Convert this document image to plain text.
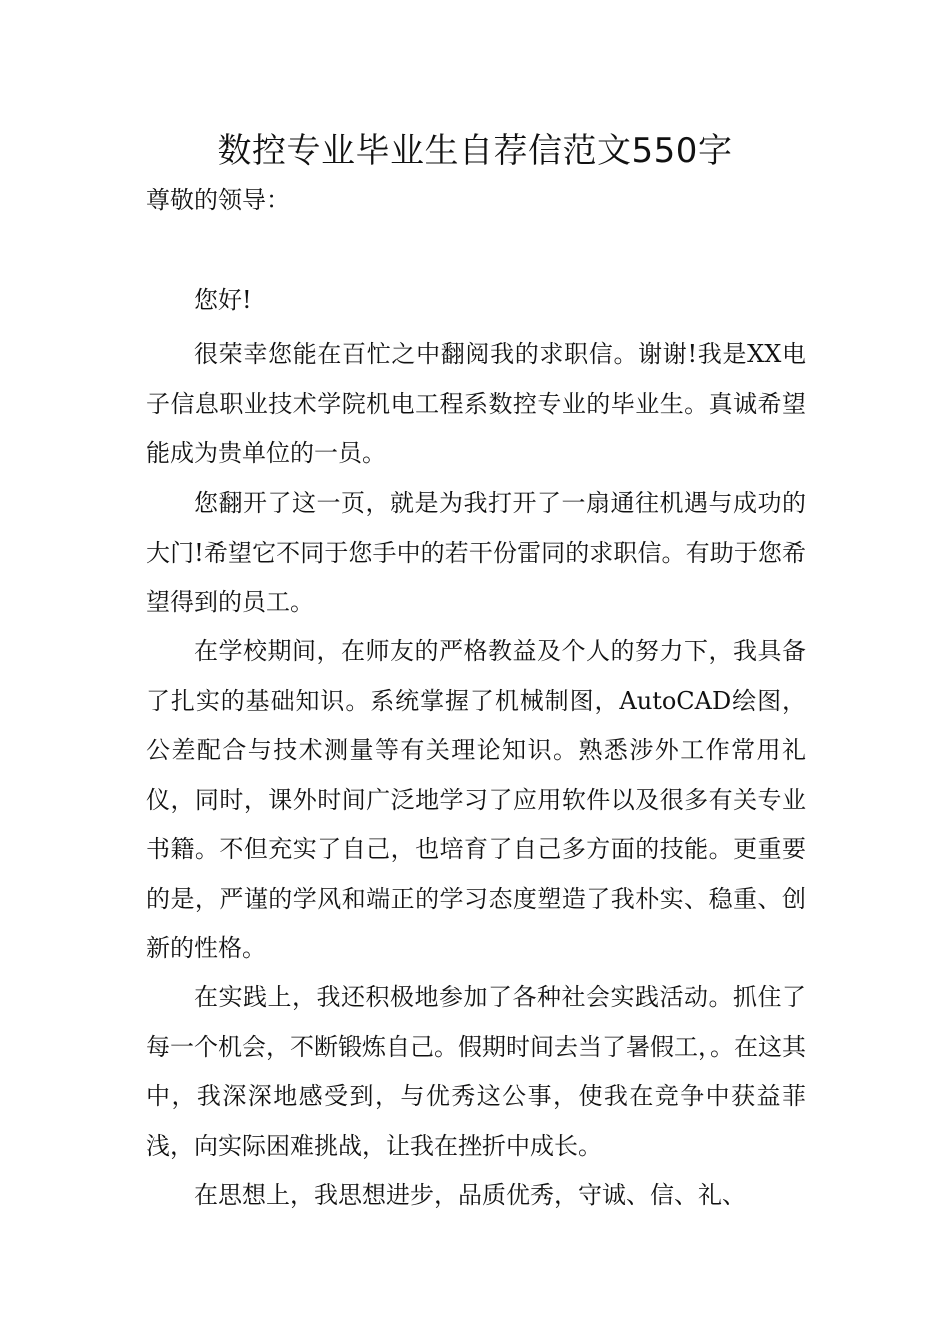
数控专业毕业生自荐信范文550字

尊敬的领导：

您好!

很荣幸您能在百忙之中翻阅我的求职信。谢谢!我是XX电子信息职业技术学院机电工程系数控专业的毕业生。真诚希望能成为贵单位的一员。

您翻开了这一页，就是为我打开了一扇通往机遇与成功的大门!希望它不同于您手中的若干份雷同的求职信。有助于您希望得到的员工。

在学校期间，在师友的严格教益及个人的努力下，我具备了扎实的基础知识。系统掌握了机械制图，AutoCAD绘图，公差配合与技术测量等有关理论知识。熟悉涉外工作常用礼仪，同时，课外时间广泛地学习了应用软件以及很多有关专业书籍。不但充实了自己，也培育了自己多方面的技能。更重要的是，严谨的学风和端正的学习态度塑造了我朴实、稳重、创新的性格。

在实践上，我还积极地参加了各种社会实践活动。抓住了每一个机会，不断锻炼自己。假期时间去当了暑假工，。在这其中，我深深地感受到，与优秀这公事，使我在竞争中获益菲浅，向实际困难挑战，让我在挫折中成长。

在思想上，我思想进步，品质优秀，守诚、信、礼、
